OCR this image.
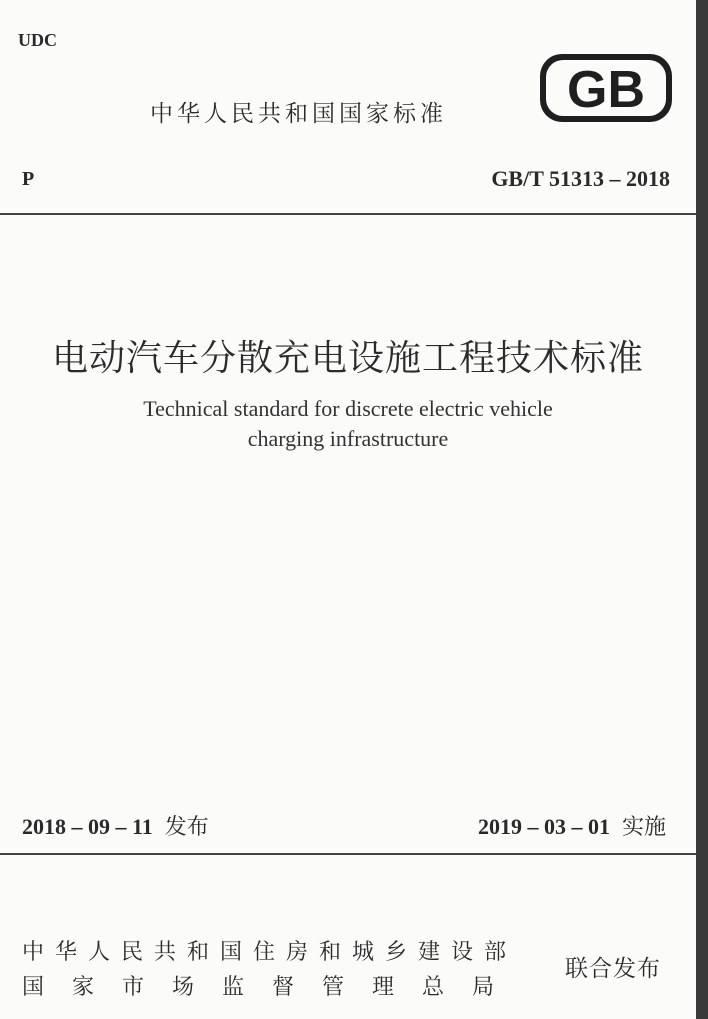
UDC
中华人民共和国国家标准 GB
P	GB/T 51313 – 2018
电动汽车分散充电设施工程技术标准
Technical standard for discrete electric vehicle
charging infrastructure
2018 – 09 – 11 发布	2019 – 03 – 01 实施
中华人民共和国住房和城乡建设部
国家市场监督管理总局
联合发布
